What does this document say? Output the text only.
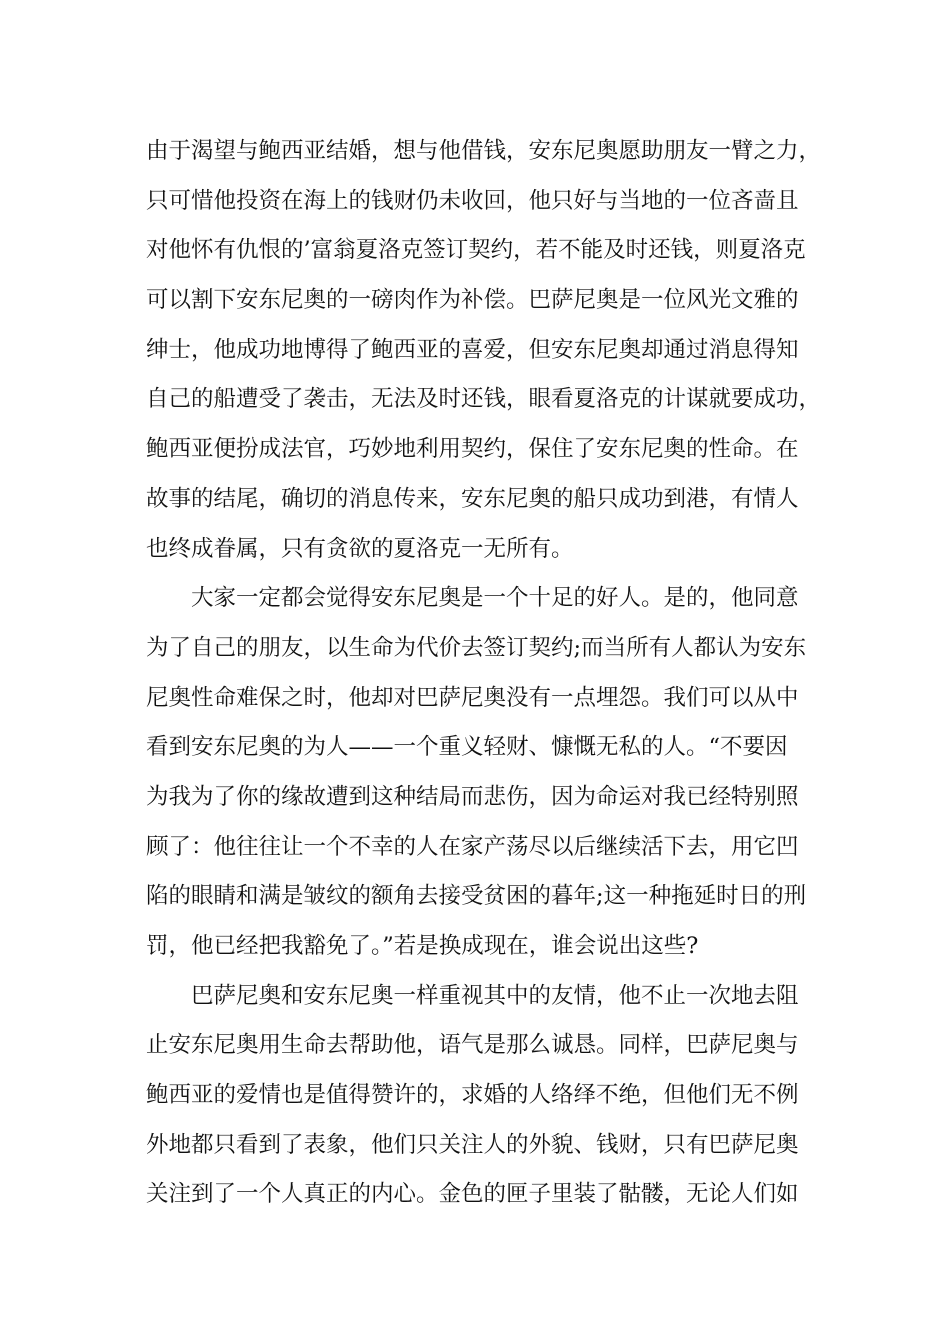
由于渴望与鲍西亚结婚，想与他借钱，安东尼奥愿助朋友一臂之力，
只可惜他投资在海上的钱财仍未收回，他只好与当地的一位吝啬且
对他怀有仇恨的’富翁夏洛克签订契约，若不能及时还钱，则夏洛克
可以割下安东尼奥的一磅肉作为补偿。巴萨尼奥是一位风光文雅的
绅士，他成功地博得了鲍西亚的喜爱，但安东尼奥却通过消息得知
自己的船遭受了袭击，无法及时还钱，眼看夏洛克的计谋就要成功，
鲍西亚便扮成法官，巧妙地利用契约，保住了安东尼奥的性命。在
故事的结尾，确切的消息传来，安东尼奥的船只成功到港，有情人
也终成眷属，只有贪欲的夏洛克一无所有。
　　大家一定都会觉得安东尼奥是一个十足的好人。是的，他同意
为了自己的朋友，以生命为代价去签订契约;而当所有人都认为安东
尼奥性命难保之时，他却对巴萨尼奥没有一点埋怨。我们可以从中
看到安东尼奥的为人——一个重义轻财、慷慨无私的人。“不要因
为我为了你的缘故遭到这种结局而悲伤，因为命运对我已经特别照
顾了：他往往让一个不幸的人在家产荡尽以后继续活下去，用它凹
陷的眼睛和满是皱纹的额角去接受贫困的暮年;这一种拖延时日的刑
罚，他已经把我豁免了。”若是换成现在，谁会说出这些?
　　巴萨尼奥和安东尼奥一样重视其中的友情，他不止一次地去阻
止安东尼奥用生命去帮助他，语气是那么诚恳。同样，巴萨尼奥与
鲍西亚的爱情也是值得赞许的，求婚的人络绎不绝，但他们无不例
外地都只看到了表象，他们只关注人的外貌、钱财，只有巴萨尼奥
关注到了一个人真正的内心。金色的匣子里装了骷髅，无论人们如
